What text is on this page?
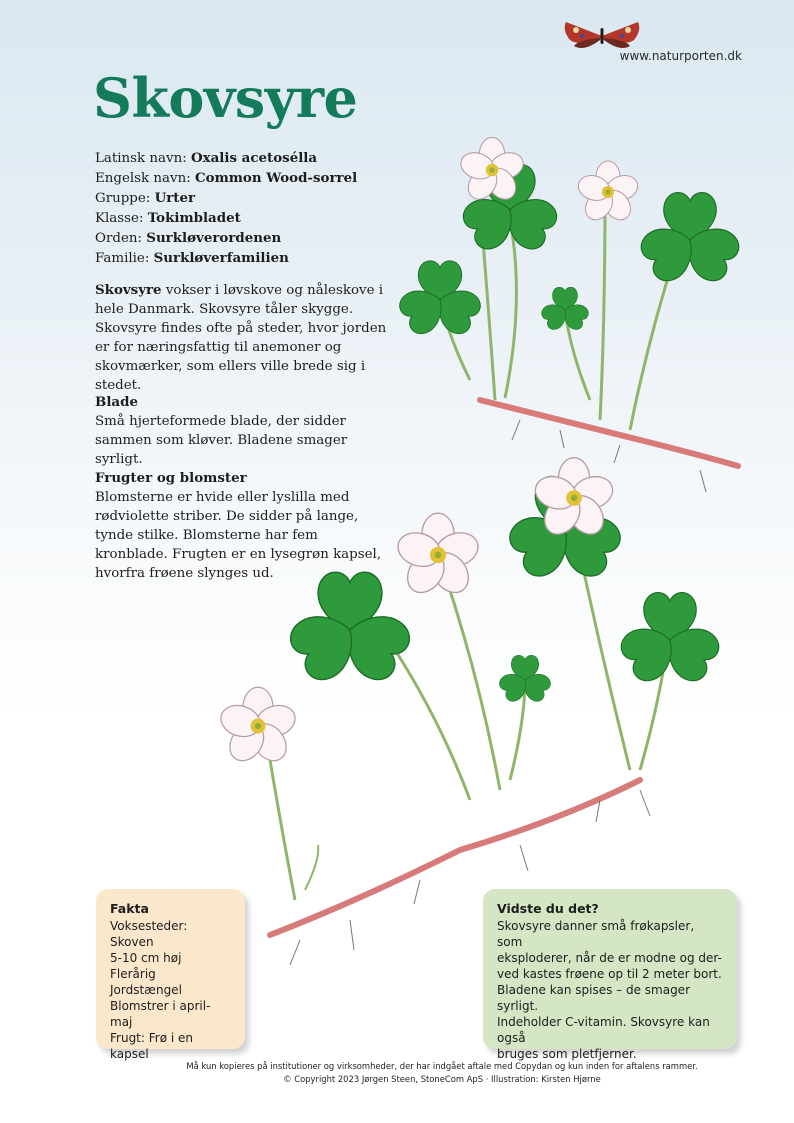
www.naturporten.dk
Skovsyre
Latinsk navn: Oxalis acetosélla
Engelsk navn: Common Wood-sorrel
Gruppe: Urter
Klasse: Tokimbladet
Orden: Surkløverordenen
Familie: Surkløverfamilien
Skovsyre vokser i løvskove og nåleskove i hele Danmark. Skovsyre tåler skygge. Skovsyre findes ofte på steder, hvor jorden er for næringsfattig til anemoner og skovmærker, som ellers ville brede sig i stedet.
Blade
Små hjerteformede blade, der sidder sammen som kløver. Bladene smager syrligt.
Frugter og blomster
Blomsterne er hvide eller lyslilla med rødviolette striber. De sidder på lange, tynde stilke. Blomsterne har fem kronblade. Frugten er en lysegrøn kapsel, hvorfra frøene slynges ud.
Fakta
Voksesteder: Skoven
5-10 cm høj
Flerårig
Jordstængel
Blomstrer i april-maj
Frugt: Frø i en kapsel
Vidste du det?
Skovsyre danner små frøkapsler, som
eksploderer, når de er modne og der-
ved kastes frøene op til 2 meter bort.
Bladene kan spises – de smager syrligt.
Indeholder C-vitamin. Skovsyre kan også
bruges som pletfjerner.
Må kun kopieres på institutioner og virksomheder, der har indgået aftale med Copydan og kun inden for aftalens rammer.
© Copyright 2023 Jørgen Steen, StoneCom ApS · Illustration: Kirsten Hjørne
